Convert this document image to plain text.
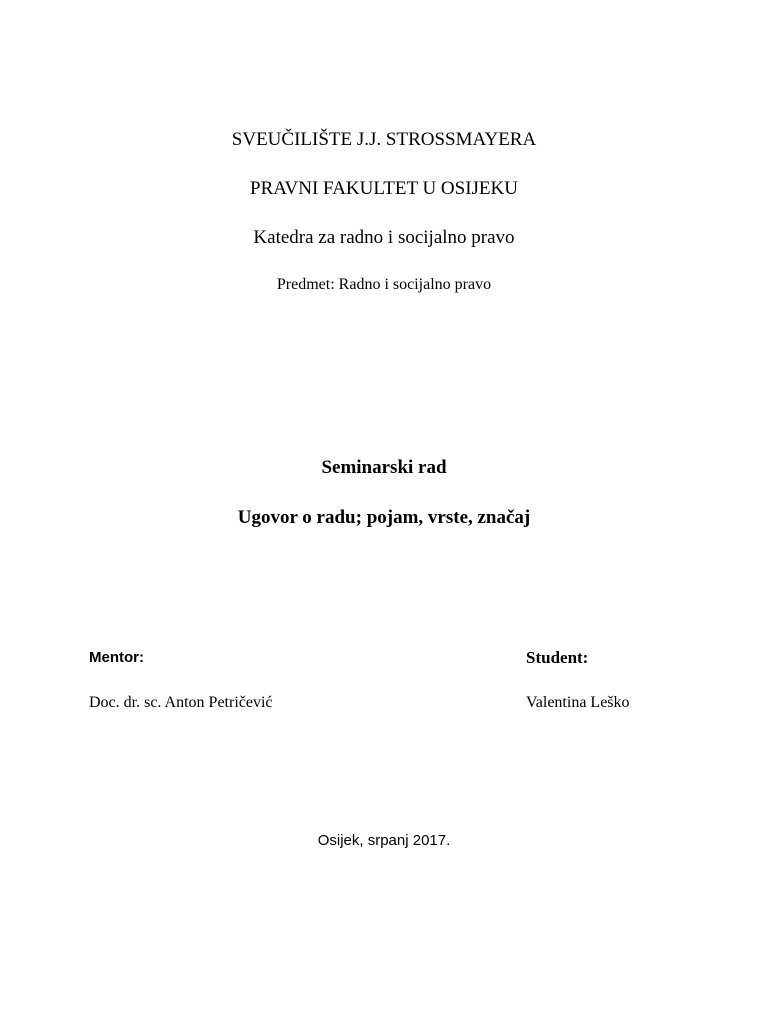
SVEUČILIŠTE J.J. STROSSMAYERA
PRAVNI FAKULTET U OSIJEKU
Katedra za radno i socijalno pravo
Predmet: Radno i socijalno pravo
Seminarski rad
Ugovor o radu; pojam, vrste, značaj
Mentor:
Doc. dr. sc. Anton Petričević
Student:
Valentina Leško
Osijek, srpanj 2017.
